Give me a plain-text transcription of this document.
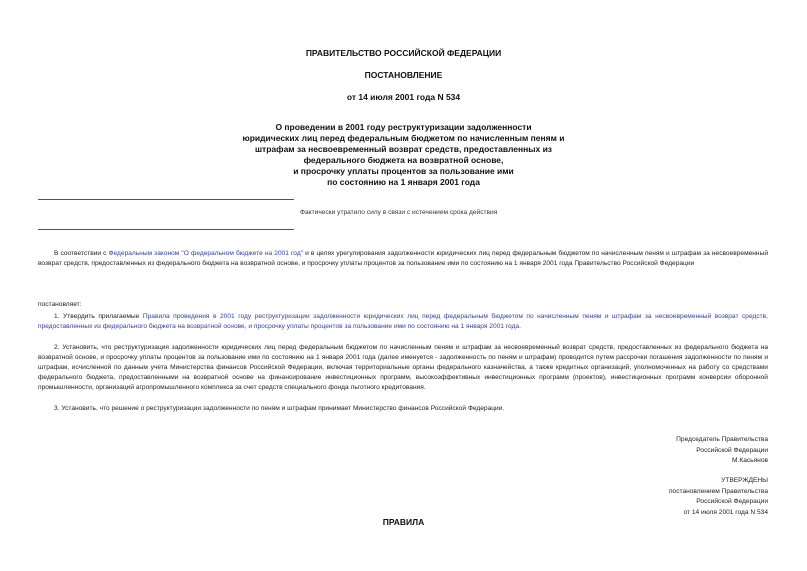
ПРАВИТЕЛЬСТВО РОССИЙСКОЙ ФЕДЕРАЦИИ
ПОСТАНОВЛЕНИЕ
от 14 июля 2001 года N 534
О проведении в 2001 году реструктуризации задолженности
юридических лиц перед федеральным бюджетом по начисленным пеням и
штрафам за несвоевременный возврат средств, предоставленных из
федерального бюджета на возвратной основе,
и просрочку уплаты процентов за пользование ими
по состоянию на 1 января 2001 года
Фактически утратило силу в связи с истечением срока действия
В соответствии с Федеральным законом "О федеральном бюджете на 2001 год" и в целях урегулирования задолженности юридических лиц перед федеральным бюджетом по начисленным пеням и штрафам за несвоевременный возврат средств, предоставленных из федерального бюджета на возвратной основе, и просрочку уплаты процентов за пользование ими по состоянию на 1 января 2001 года Правительство Российской Федерации
постановляет:
1. Утвердить прилагаемые Правила проведения в 2001 году реструктуризации задолженности юридических лиц перед федеральным бюджетом по начисленным пеням и штрафам за несвоевременный возврат средств, предоставленных из федерального бюджета на возвратной основе, и просрочку уплаты процентов за пользование ими по состоянию на 1 января 2001 года.
2. Установить, что реструктуризация задолженности юридических лиц перед федеральным бюджетом по начисленным пеням и штрафам за несвоевременный возврат средств, предоставленных из федерального бюджета на возвратной основе, и просрочку уплаты процентов за пользование ими по состоянию на 1 января 2001 года (далее именуется - задолженность по пеням и штрафам) проводится путем рассрочки погашения задолженности по пеням и штрафам, исчисленной по данным учета Министерства финансов Российской Федерации, включая территориальные органы федерального казначейства, а также кредитных организаций, уполномоченных на работу со средствами федерального бюджета, предоставленными на возвратной основе на финансирование инвестиционных программ, высокоэффективных инвестиционных программ (проектов), инвестиционных программ конверсии оборонной промышленности, организаций агропромышленного комплекса за счет средств специального фонда льготного кредитования.
3. Установить, что решение о реструктуризации задолженности по пеням и штрафам принимает Министерство финансов Российской Федерации.
Председатель Правительства
Российской Федерации
М.Касьянов
УТВЕРЖДЕНЫ
постановлением Правительства
Российской Федерации
от 14 июля 2001 года N 534
ПРАВИЛА
